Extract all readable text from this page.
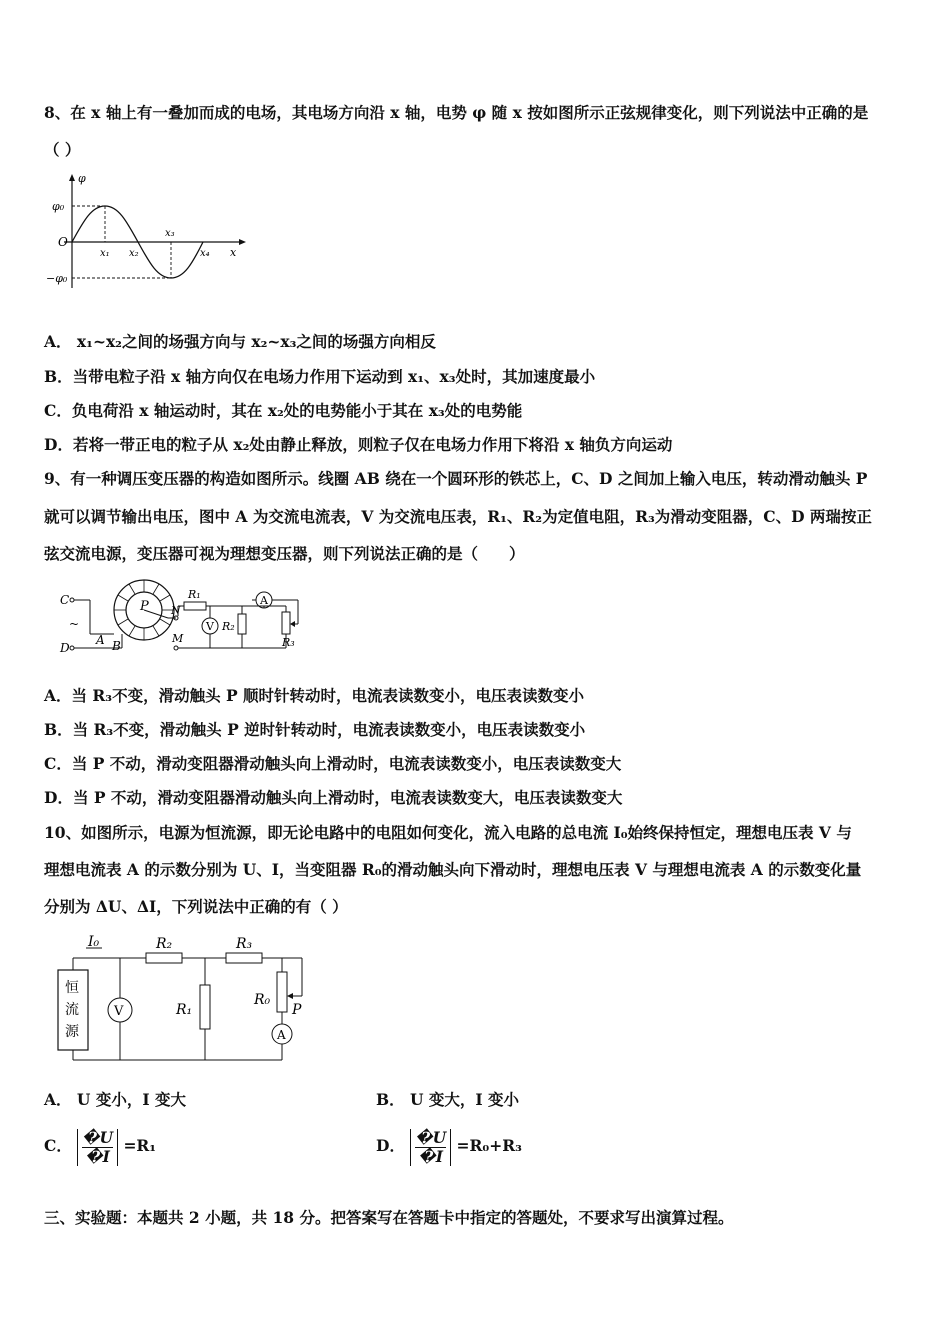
8、在 x 轴上有一叠加而成的电场，其电场方向沿 x 轴，电势 φ 随 x 按如图所示正弦规律变化，则下列说法中正确的是
（ ）
φ
φ₀
O
x₁ x₂
x₃
x₄ x
−φ₀
A． x₁~x₂之间的场强方向与 x₂~x₃之间的场强方向相反
B．当带电粒子沿 x 轴方向仅在电场力作用下运动到 x₁、x₃处时，其加速度最小
C．负电荷沿 x 轴运动时，其在 x₂处的电势能小于其在 x₃处的电势能
D．若将一带正电的粒子从 x₂处由静止释放，则粒子仅在电场力作用下将沿 x 轴负方向运动
9、有一种调压变压器的构造如图所示。线圈 AB 绕在一个圆环形的铁芯上，C、D 之间加上输入电压，转动滑动触头 P
就可以调节输出电压，图中 A 为交流电流表，V 为交流电压表，R₁、R₂为定值电阻，R₃为滑动变阻器，C、D 两瑞按正
弦交流电源，变压器可视为理想变压器，则下列说法正确的是（　　）
C
D
~
A B
P N
M
R₁
V R₂
A
R₃
A．当 R₃不变，滑动触头 P 顺时针转动时，电流表读数变小，电压表读数变小
B．当 R₃不变，滑动触头 P 逆时针转动时，电流表读数变小，电压表读数变小
C．当 P 不动，滑动变阻器滑动触头向上滑动时，电流表读数变小，电压表读数变大
D．当 P 不动，滑动变阻器滑动触头向上滑动时，电流表读数变大，电压表读数变大
10、如图所示，电源为恒流源，即无论电路中的电阻如何变化，流入电路的总电流 I₀始终保持恒定，理想电压表 V 与
理想电流表 A 的示数分别为 U、I，当变阻器 R₀的滑动触头向下滑动时，理想电压表 V 与理想电流表 A 的示数变化量
分别为 ΔU、ΔI，下列说法中正确的有（ ）
I₀	R₂	R₃
R₁
R₀
P
恒
流
源
V
A
A． U 变小，I 变大	B． U 变大，I 变小
C． $\frac{�U}{�I} =R_1$	D． $\frac{�U}{�I} =R_0+R_3$
三、实验题：本题共 2 小题，共 18 分。把答案写在答题卡中指定的答题处，不要求写出演算过程。
